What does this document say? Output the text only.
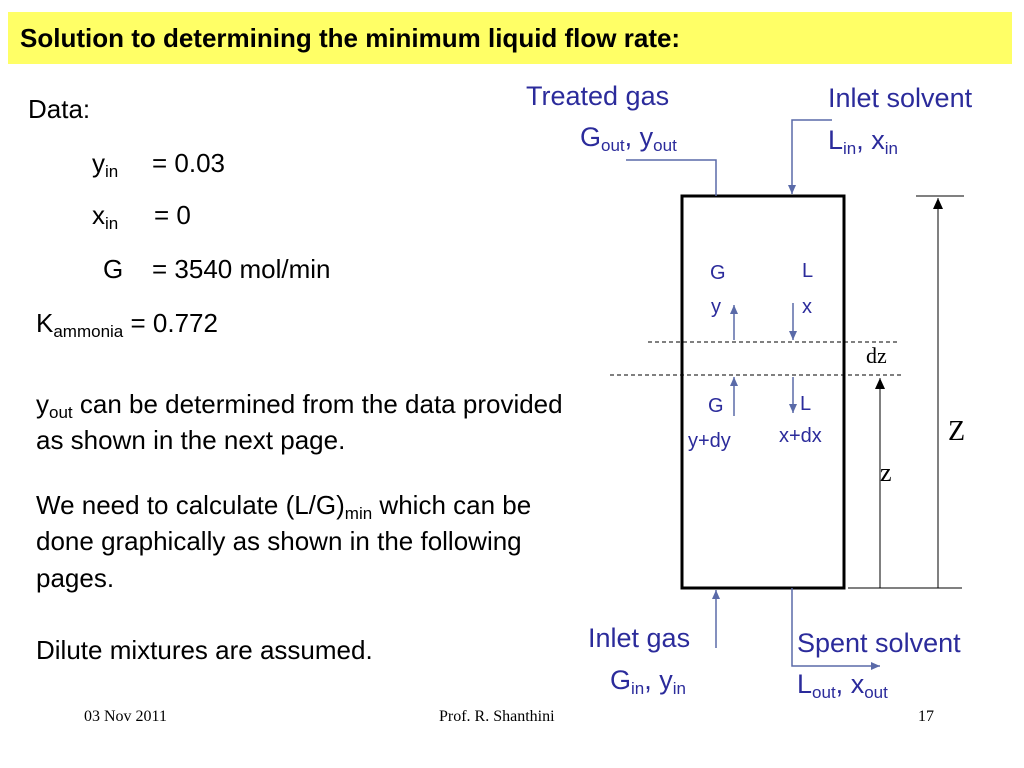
Solution to determining the minimum liquid flow rate:
Data:
$y_{in} = 0.03$
$x_{in} = 0$
G = 3540 mol/min
$K_{ammonia} = 0.772$
$y_{out}$ can be determined from the data provided as shown in the next page.
We need to calculate $(L/G)_{min}$ which can be done graphically as shown in the following pages.
Dilute mixtures are assumed.
Treated gas
$G_{out}$, $y_{out}$
Inlet solvent
$L_{in}$, $x_{in}$
Inlet gas
$G_{in}$, $y_{in}$
Spent solvent
$L_{out}$, $x_{out}$
G
y
L
x
G
y+dy
L
x+dx
dz
Z
z
03 Nov 2011	Prof. R. Shanthini	17
